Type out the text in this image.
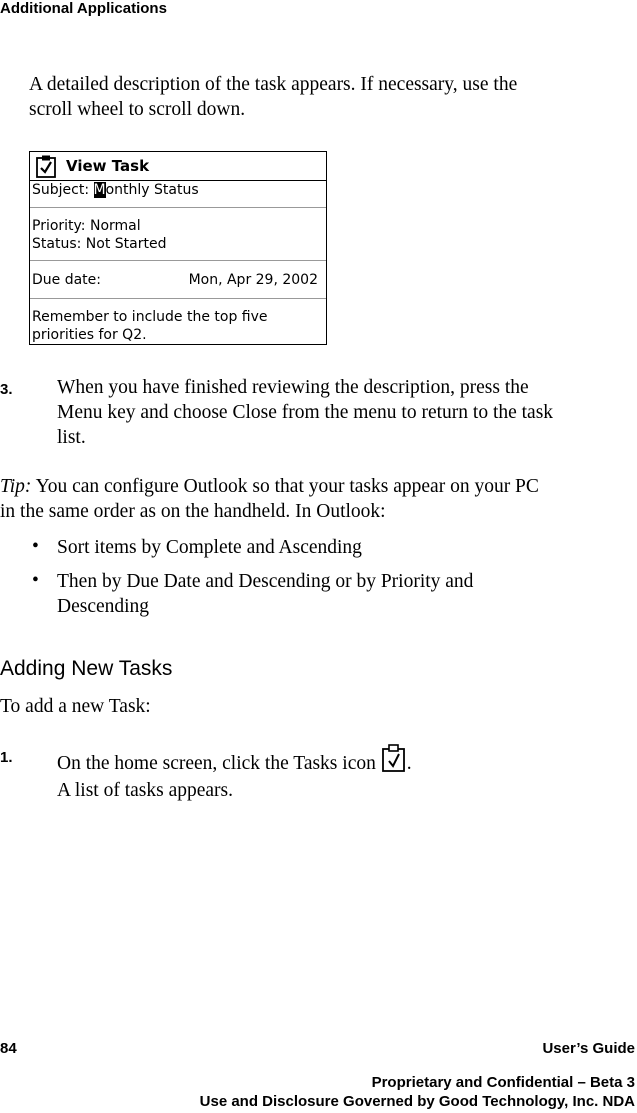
Additional Applications
A detailed description of the task appears. If necessary, use the
scroll wheel to scroll down.
View Task
Subject: Monthly Status
Priority: Normal
Status: Not Started
Due date:	Mon, Apr 29, 2002
Remember to include the top five
priorities for Q2.
3. When you have finished reviewing the description, press the
Menu key and choose Close from the menu to return to the task
list.
Tip: You can configure Outlook so that your tasks appear on your PC
in the same order as on the handheld. In Outlook:
• Sort items by Complete and Ascending
• Then by Due Date and Descending or by Priority and
Descending
Adding New Tasks
To add a new Task:
1. On the home screen, click the Tasks icon .
A list of tasks appears.
84	User’s Guide
Proprietary and Confidential – Beta 3
Use and Disclosure Governed by Good Technology, Inc. NDA
